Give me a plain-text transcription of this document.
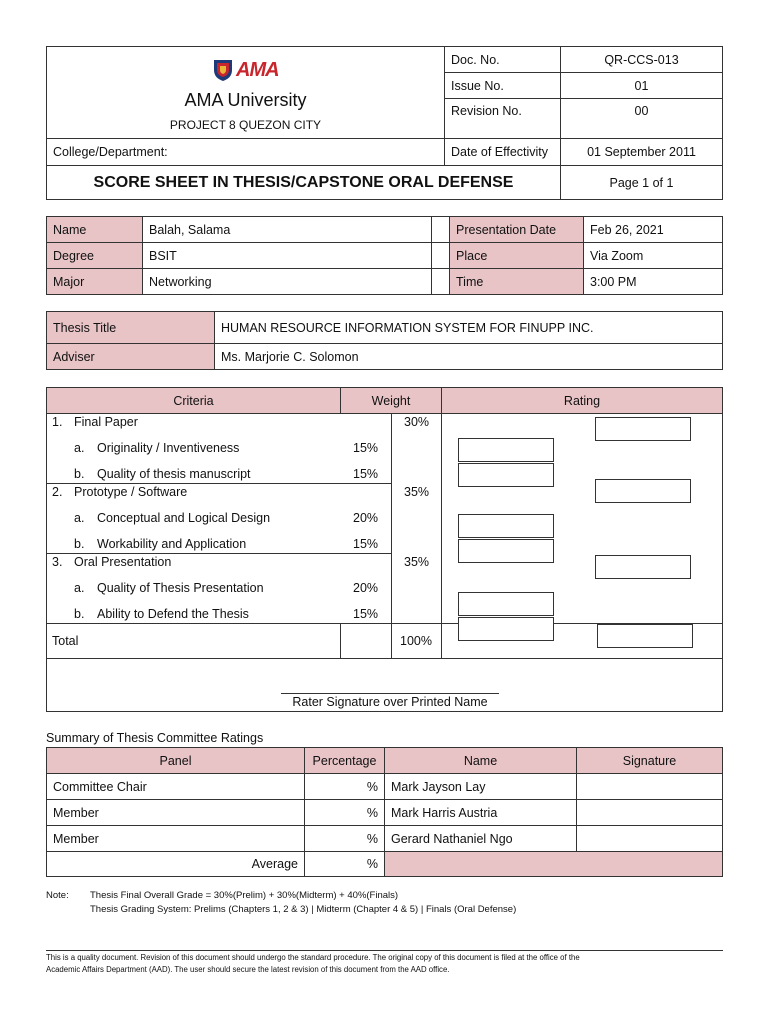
AMA
AMA University
PROJECT 8 QUEZON CITY
Doc. No.	QR-CCS-013
Issue No.	01
Revision No.	00
College/Department:	Date of Effectivity	01 September 2011
SCORE SHEET IN THESIS/CAPSTONE ORAL DEFENSE	Page 1 of 1
Name	Balah, Salama	Presentation Date	Feb 26, 2021
Degree	BSIT	Place	Via Zoom
Major	Networking	Time	3:00 PM
Thesis Title	HUMAN RESOURCE INFORMATION SYSTEM FOR FINUPP INC.
Adviser	Ms. Marjorie C. Solomon
Criteria	Weight	Rating
1. Final Paper	30%
a. Originality / Inventiveness	15%
b. Quality of thesis manuscript	15%
2. Prototype / Software	35%
a. Conceptual and Logical Design	20%
b. Workability and Application	15%
3. Oral Presentation	35%
a. Quality of Thesis Presentation	20%
b. Ability to Defend the Thesis	15%
Total	100%
Rater Signature over Printed Name
Summary of Thesis Committee Ratings
Panel	Percentage	Name	Signature
Committee Chair	%	Mark Jayson Lay
Member	%	Mark Harris Austria
Member	%	Gerard Nathaniel Ngo
Average	%
Note: Thesis Final Overall Grade = 30%(Prelim) + 30%(Midterm) + 40%(Finals)
Thesis Grading System: Prelims (Chapters 1, 2 & 3) | Midterm (Chapter 4 & 5) | Finals (Oral Defense)
This is a quality document. Revision of this document should undergo the standard procedure. The original copy of this document is filed at the office of the
Academic Affairs Department (AAD). The user should secure the latest revision of this document from the AAD office.
